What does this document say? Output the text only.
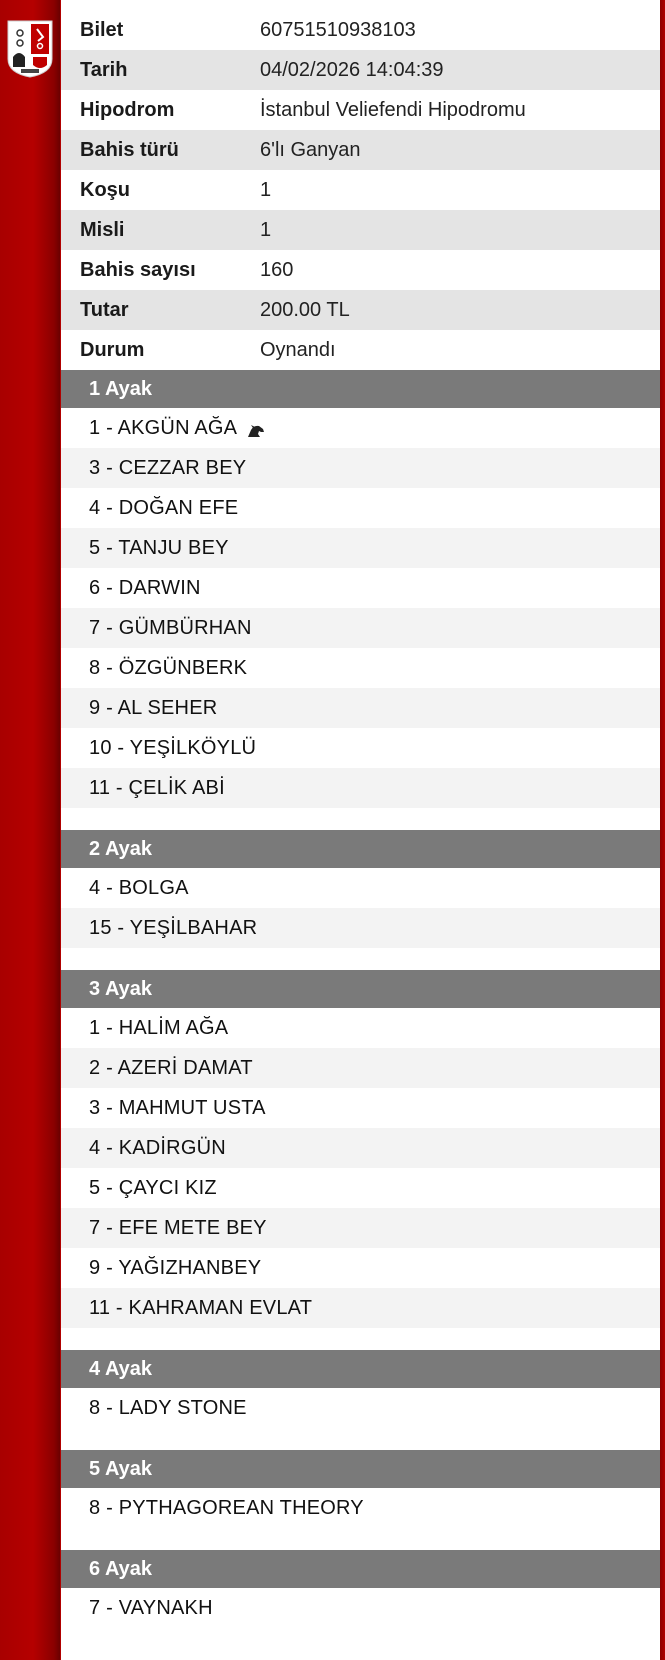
Bilet	60751510938103
Tarih	04/02/2026 14:04:39
Hipodrom	İstanbul Veliefendi Hipodromu
Bahis türü	6'lı Ganyan
Koşu	1
Misli	1
Bahis sayısı	160
Tutar	200.00 TL
Durum	Oynandı
1 Ayak
1 - AKGÜN AĞA
3 - CEZZAR BEY
4 - DOĞAN EFE
5 - TANJU BEY
6 - DARWIN
7 - GÜMBÜRHAN
8 - ÖZGÜNBERK
9 - AL SEHER
10 - YEŞİLKÖYLÜ
11 - ÇELİK ABİ
2 Ayak
4 - BOLGA
15 - YEŞİLBAHAR
3 Ayak
1 - HALİM AĞA
2 - AZERİ DAMAT
3 - MAHMUT USTA
4 - KADİRGÜN
5 - ÇAYCI KIZ
7 - EFE METE BEY
9 - YAĞIZHANBEY
11 - KAHRAMAN EVLAT
4 Ayak
8 - LADY STONE
5 Ayak
8 - PYTHAGOREAN THEORY
6 Ayak
7 - VAYNAKH
